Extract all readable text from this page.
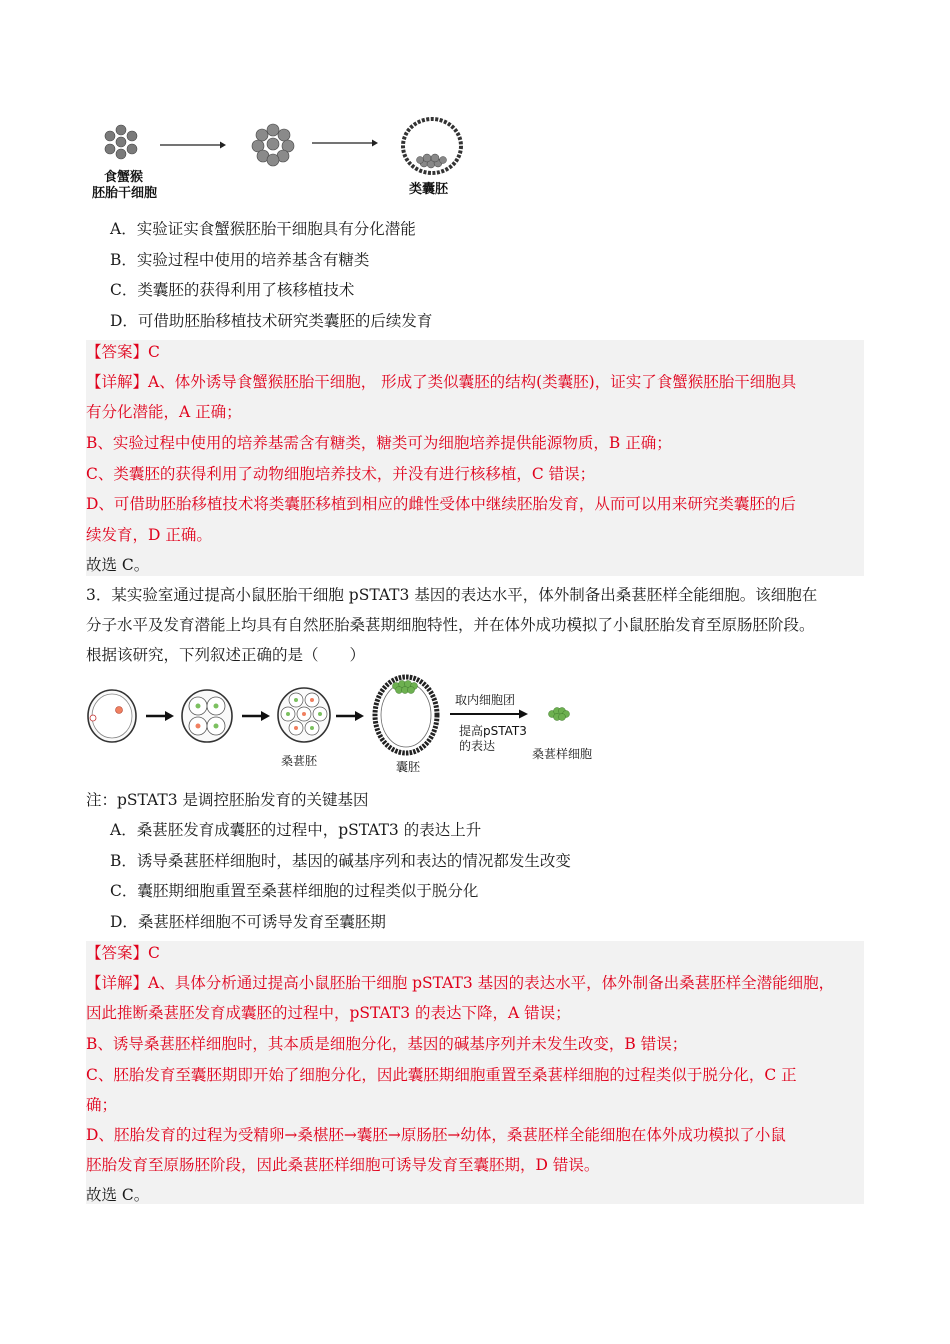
食蟹猴
胚胎干细胞	类囊胚
A．实验证实食蟹猴胚胎干细胞具有分化潜能
B．实验过程中使用的培养基含有糖类
C．类囊胚的获得利用了核移植技术
D．可借助胚胎移植技术研究类囊胚的后续发育
【答案】C
【详解】A、体外诱导食蟹猴胚胎干细胞， 形成了类似囊胚的结构(类囊胚)，证实了食蟹猴胚胎干细胞具
有分化潜能，A 正确；
B、实验过程中使用的培养基需含有糖类，糖类可为细胞培养提供能源物质，B 正确；
C、类囊胚的获得利用了动物细胞培养技术，并没有进行核移植，C 错误；
D、可借助胚胎移植技术将类囊胚移植到相应的雌性受体中继续胚胎发育，从而可以用来研究类囊胚的后
续发育，D 正确。
故选 C。
3．某实验室通过提高小鼠胚胎干细胞 pSTAT3 基因的表达水平，体外制备出桑葚胚样全能细胞。该细胞在
分子水平及发育潜能上均具有自然胚胎桑葚期细胞特性，并在体外成功模拟了小鼠胚胎发育至原肠胚阶段。
根据该研究，下列叙述正确的是（　　）
桑葚胚	囊胚
取内细胞团
提高pSTAT3
的表达
桑葚样细胞
注：pSTAT3 是调控胚胎发育的关键基因
A．桑葚胚发育成囊胚的过程中，pSTAT3 的表达上升
B．诱导桑葚胚样细胞时，基因的碱基序列和表达的情况都发生改变
C．囊胚期细胞重置至桑葚样细胞的过程类似于脱分化
D．桑葚胚样细胞不可诱导发育至囊胚期
【答案】C
【详解】A、具体分析通过提高小鼠胚胎干细胞 pSTAT3 基因的表达水平，体外制备出桑葚胚样全潜能细胞，
因此推断桑葚胚发育成囊胚的过程中，pSTAT3 的表达下降，A 错误；
B、诱导桑葚胚样细胞时，其本质是细胞分化，基因的碱基序列并未发生改变，B 错误；
C、胚胎发育至囊胚期即开始了细胞分化，因此囊胚期细胞重置至桑葚样细胞的过程类似于脱分化，C 正
确；
D、胚胎发育的过程为受精卵→桑椹胚→囊胚→原肠胚→幼体，桑葚胚样全能细胞在体外成功模拟了小鼠
胚胎发育至原肠胚阶段，因此桑葚胚样细胞可诱导发育至囊胚期，D 错误。
故选 C。
